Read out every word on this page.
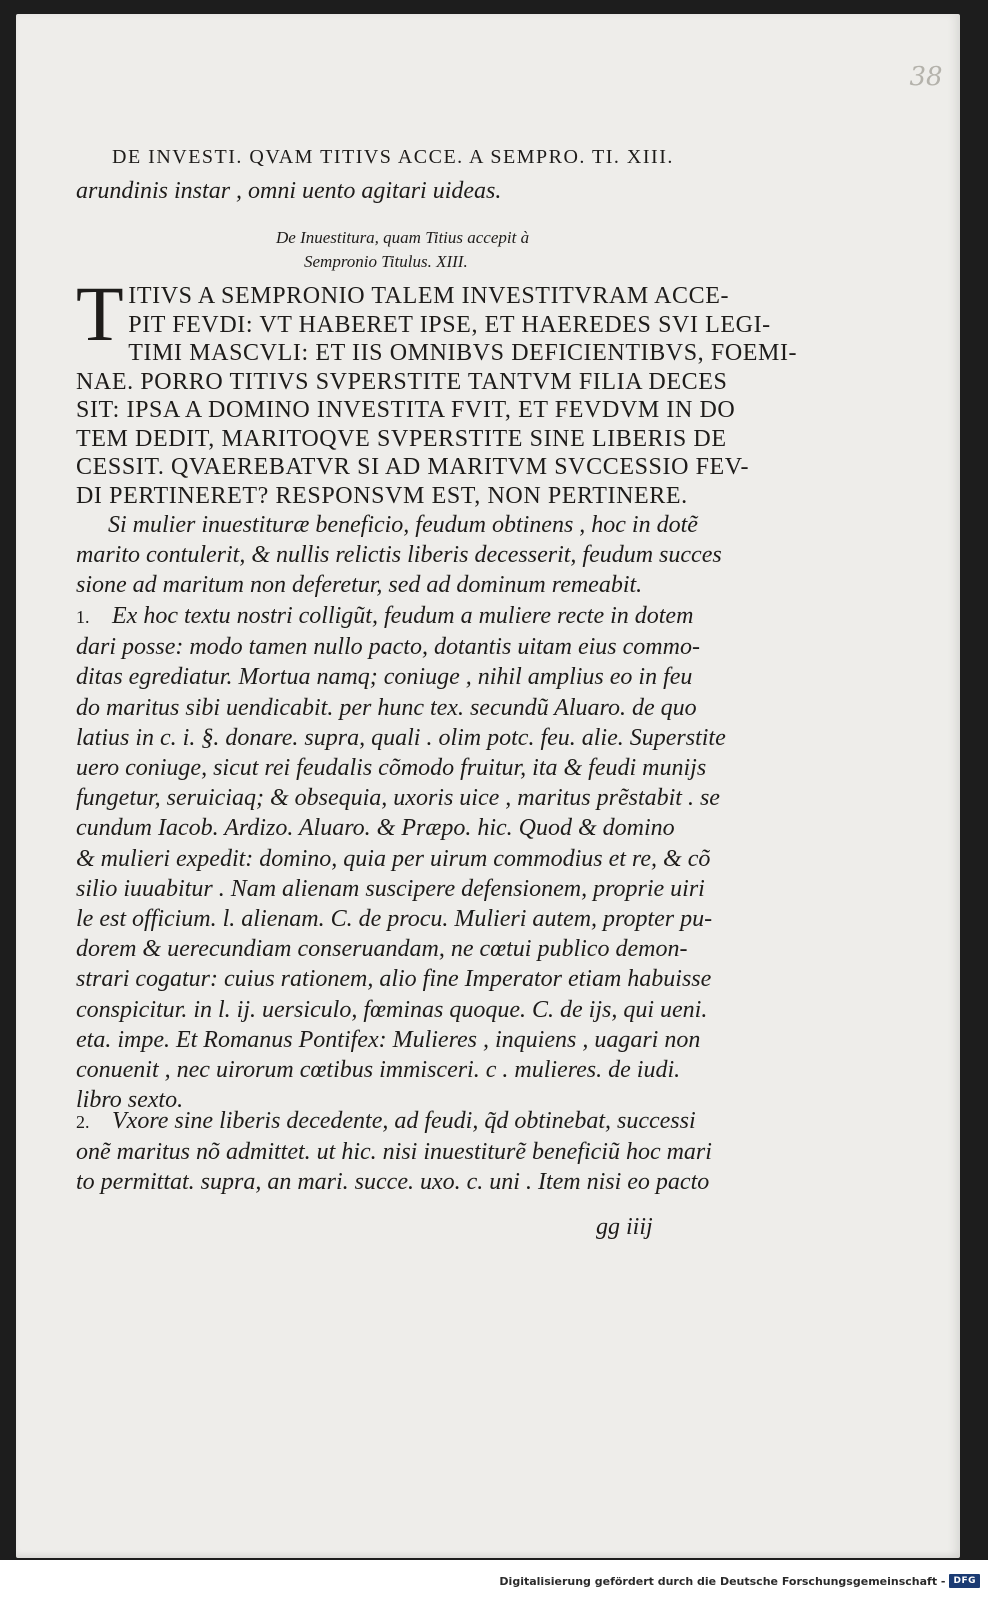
38
DE INVESTI. QVAM TITIVS ACCE. A SEMPRO. TI. XIII.
arundinis instar , omni uento agitari uideas.
De Inuestitura, quam Titius accepit à
Sempronio Titulus. XIII.
T ITIVS A SEMPRONIO TALEM INVESTITVRAM ACCE-
PIT FEVDI: VT HABERET IPSE, ET HAEREDES SVI LEGI-
TIMI MASCVLI: ET IIS OMNIBVS DEFICIENTIBVS, FOEMI-
NAE. PORRO TITIVS SVPERSTITE TANTVM FILIA DECES
SIT: IPSA A DOMINO INVESTITA FVIT, ET FEVDVM IN DO
TEM DEDIT, MARITOQVE SVPERSTITE SINE LIBERIS DE
CESSIT. QVAEREBATVR SI AD MARITVM SVCCESSIO FEV-
DI PERTINERET? RESPONSVM EST, NON PERTINERE.
Si mulier inuestituræ beneficio, feudum obtinens , hoc in dotẽ
marito contulerit, & nullis relictis liberis decesserit, feudum succes
sione ad maritum non deferetur, sed ad dominum remeabit.
1. Ex hoc textu nostri colligũt, feudum a muliere recte in dotem
dari posse: modo tamen nullo pacto, dotantis uitam eius commo-
ditas egrediatur. Mortua namq; coniuge , nihil amplius eo in feu
do maritus sibi uendicabit. per hunc tex. secundũ Aluaro. de quo
latius in c. i. §. donare. supra, quali . olim potc. feu. alie. Superstite
uero coniuge, sicut rei feudalis cõmodo fruitur, ita & feudi munijs
fungetur, seruiciaq; & obsequia, uxoris uice , maritus prẽstabit . se
cundum Iacob. Ardizo. Aluaro. & Præpo. hic. Quod & domino
& mulieri expedit: domino, quia per uirum commodius et re, & cõ
silio iuuabitur . Nam alienam suscipere defensionem, proprie uiri
le est officium. l. alienam. C. de procu. Mulieri autem, propter pu-
dorem & uerecundiam conseruandam, ne cœtui publico demon-
strari cogatur: cuius rationem, alio fine Imperator etiam habuisse
conspicitur. in l. ij. uersiculo, fœminas quoque. C. de ijs, qui ueni.
eta. impe. Et Romanus Pontifex: Mulieres , inquiens , uagari non
conuenit , nec uirorum cœtibus immisceri. c . mulieres. de iudi.
libro sexto.
2. Vxore sine liberis decedente, ad feudi, q̃d obtinebat, successi
onẽ maritus nõ admittet. ut hic. nisi inuestiturẽ beneficiũ hoc mari
to permittat. supra, an mari. succe. uxo. c. uni . Item nisi eo pacto
gg iiij
Digitalisierung gefördert durch die Deutsche Forschungsgemeinschaft - DFG
